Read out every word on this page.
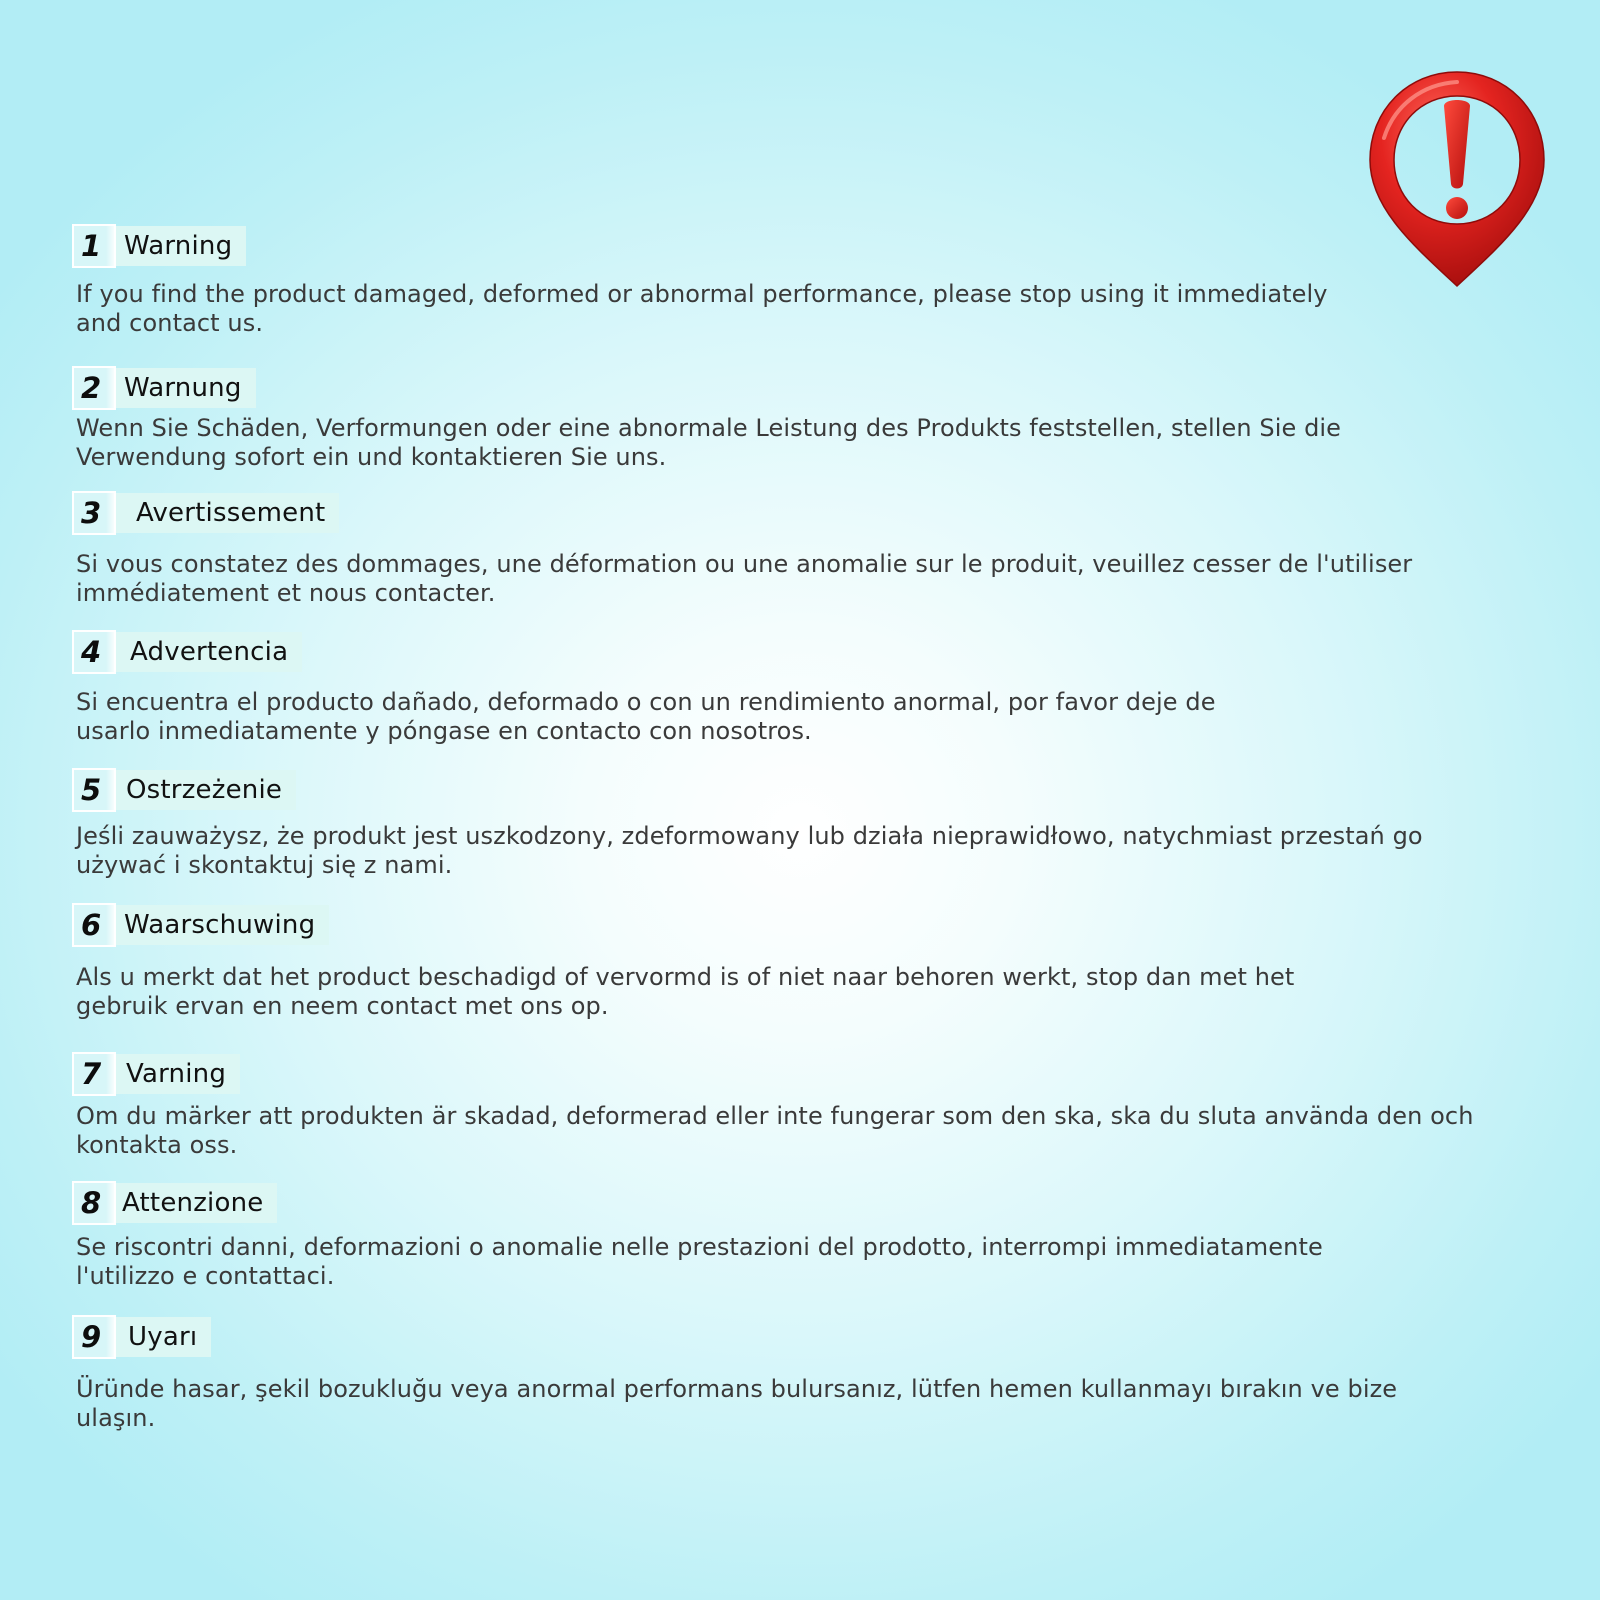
1 Warning
If you find the product damaged, deformed or abnormal performance, please stop using it immediately
and contact us.
2 Warnung
Wenn Sie Schäden, Verformungen oder eine abnormale Leistung des Produkts feststellen, stellen Sie die
Verwendung sofort ein und kontaktieren Sie uns.
3	Avertissement
Si vous constatez des dommages, une déformation ou une anomalie sur le produit, veuillez cesser de l'utiliser
immédiatement et nous contacter.
4	Advertencia
Si encuentra el producto dañado, deformado o con un rendimiento anormal, por favor deje de
usarlo inmediatamente y póngase en contacto con nosotros.
5 Ostrzeżenie
Jeśli zauważysz, że produkt jest uszkodzony, zdeformowany lub działa nieprawidłowo, natychmiast przestań go
używać i skontaktuj się z nami.
6 Waarschuwing
Als u merkt dat het product beschadigd of vervormd is of niet naar behoren werkt, stop dan met het
gebruik ervan en neem contact met ons op.
7 Varning
Om du märker att produkten är skadad, deformerad eller inte fungerar som den ska, ska du sluta använda den och
kontakta oss.
8 Attenzione
Se riscontri danni, deformazioni o anomalie nelle prestazioni del prodotto, interrompi immediatamente
l'utilizzo e contattaci.
9	Uyarı
Üründe hasar, şekil bozukluğu veya anormal performans bulursanız, lütfen hemen kullanmayı bırakın ve bize
ulaşın.
